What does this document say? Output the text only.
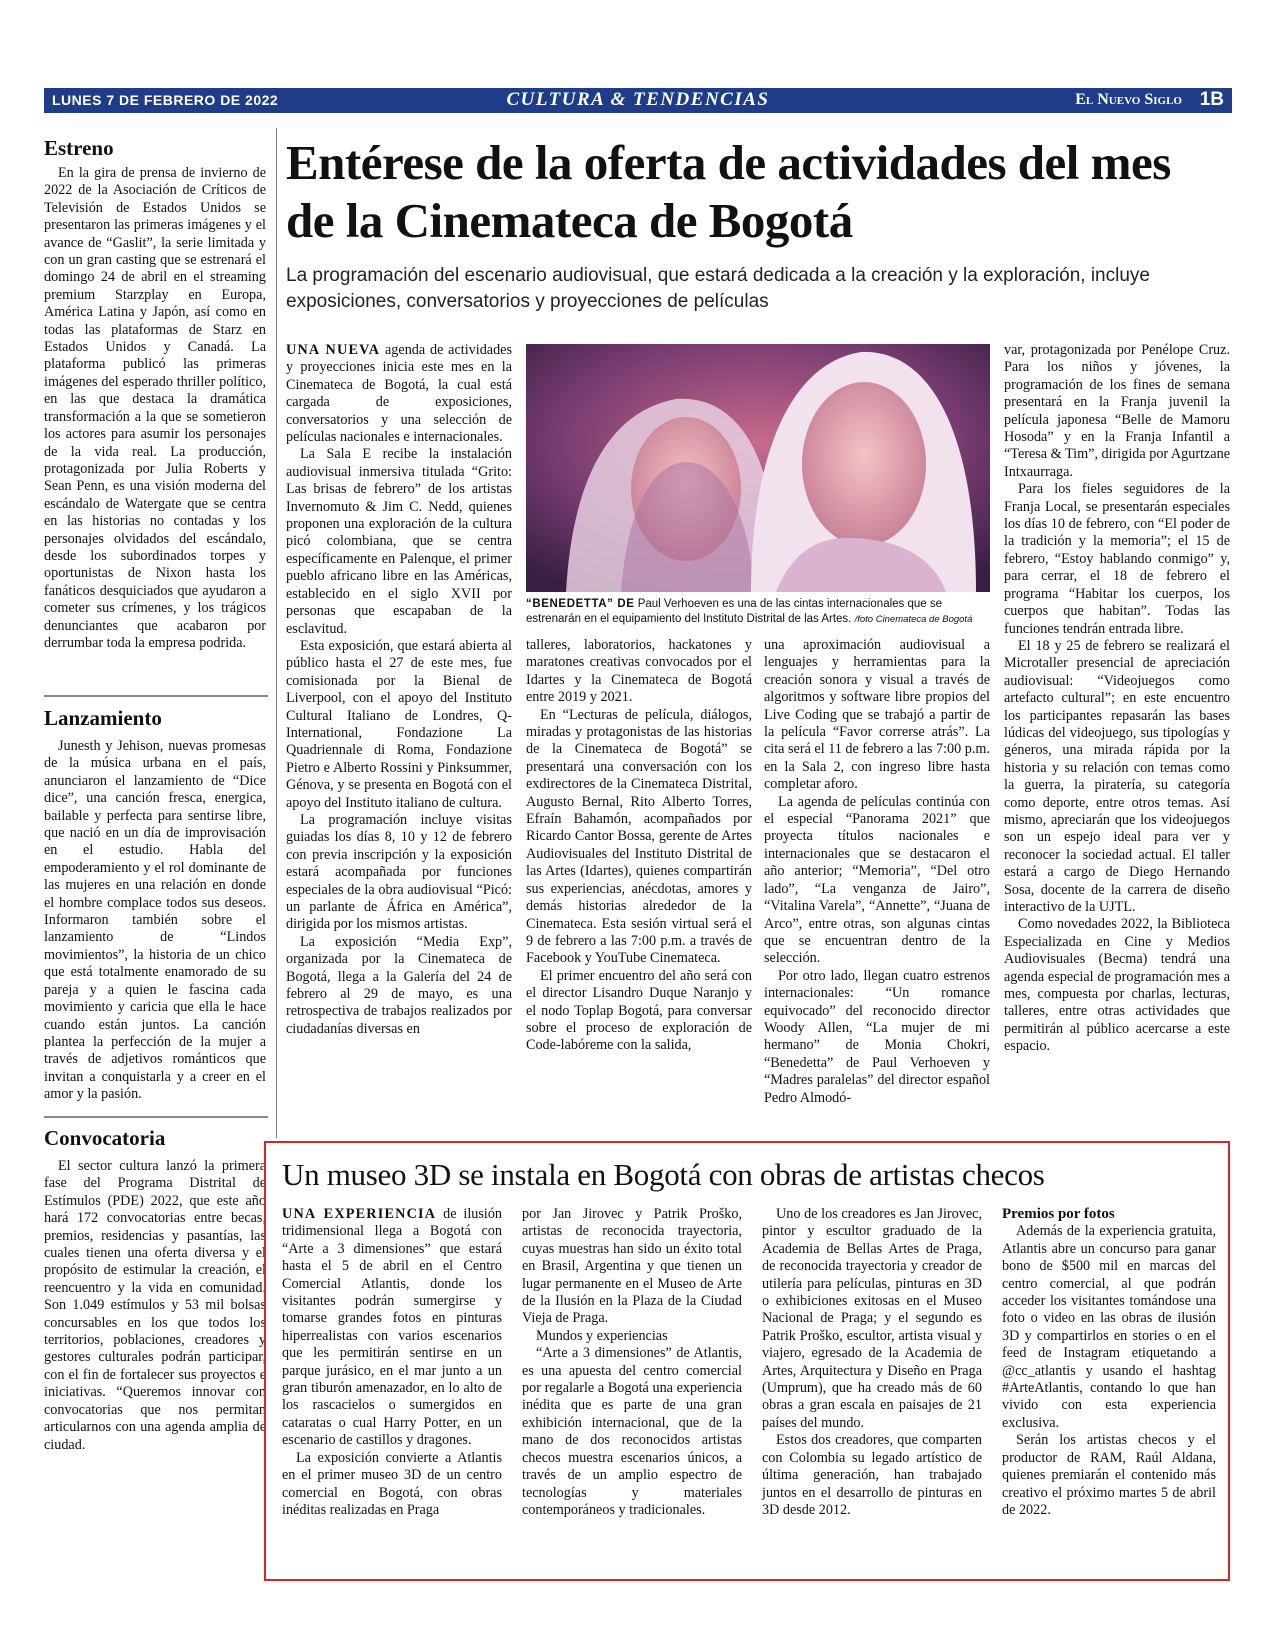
LUNES 7 DE FEBRERO DE 2022	CULTURA & TENDENCIAS	El Nuevo Siglo 1B
Estreno

En la gira de prensa de invierno de 2022 de la Asociación de Críticos de Televisión de Estados Unidos se presentaron las primeras imágenes y el avance de “Gaslit”, la serie limitada y con un gran casting que se estrenará el domingo 24 de abril en el streaming premium Starzplay en Europa, América Latina y Japón, así como en todas las plataformas de Starz en Estados Unidos y Canadá. La plataforma publicó las primeras imágenes del esperado thriller político, en las que destaca la dramática transformación a la que se sometieron los actores para asumir los personajes de la vida real. La producción, protagonizada por Julia Roberts y Sean Penn, es una visión moderna del escándalo de Watergate que se centra en las historias no contadas y los personajes olvidados del escándalo, desde los subordinados torpes y oportunistas de Nixon hasta los fanáticos desquiciados que ayudaron a cometer sus crímenes, y los trágicos denunciantes que acabaron por derrumbar toda la empresa podrida.

Lanzamiento

Junesth y Jehison, nuevas promesas de la música urbana en el país, anunciaron el lanzamiento de “Dice dice”, una canción fresca, energica, bailable y perfecta para sentirse libre, que nació en un día de improvisación en el estudio. Habla del empoderamiento y el rol dominante de las mujeres en una relación en donde el hombre complace todos sus deseos. Informaron también sobre el lanzamiento de “Lindos movimientos”, la historia de un chico que está totalmente enamorado de su pareja y a quien le fascina cada movimiento y caricia que ella le hace cuando están juntos. La canción plantea la perfección de la mujer a través de adjetivos románticos que invitan a conquistarla y a creer en el amor y la pasión.

Convocatoria

El sector cultura lanzó la primera fase del Programa Distrital de Estímulos (PDE) 2022, que este año hará 172 convocatorias entre becas, premios, residencias y pasantías, las cuales tienen una oferta diversa y el propósito de estimular la creación, el reencuentro y la vida en comunidad. Son 1.049 estímulos y 53 mil bolsas concursables en los que todos los territorios, poblaciones, creadores y gestores culturales podrán participar, con el fin de fortalecer sus proyectos e iniciativas. “Queremos innovar con convocatorias que nos permitan articularnos con una agenda amplia de ciudad.

Entérese de la oferta de actividades del mes de la Cinemateca de Bogotá
La programación del escenario audiovisual, que estará dedicada a la creación y la exploración, incluye exposiciones, conversatorios y proyecciones de películas

UNA NUEVA agenda de actividades y proyecciones inicia este mes en la Cinemateca de Bogotá, la cual está cargada de exposiciones, conversatorios y una selección de películas nacionales e internacionales.

La Sala E recibe la instalación audiovisual inmersiva titulada “Grito: Las brisas de febrero” de los artistas Invernomuto & Jim C. Nedd, quienes proponen una exploración de la cultura picó colombiana, que se centra específicamente en Palenque, el primer pueblo africano libre en las Américas, establecido en el siglo XVII por personas que escapaban de la esclavitud.

Esta exposición, que estará abierta al público hasta el 27 de este mes, fue comisionada por la Bienal de Liverpool, con el apoyo del Instituto Cultural Italiano de Londres, Q-International, Fondazione La Quadriennale di Roma, Fondazione Pietro e Alberto Rossini y Pinksummer, Génova, y se presenta en Bogotá con el apoyo del Instituto italiano de cultura.

La programación incluye visitas guiadas los días 8, 10 y 12 de febrero con previa inscripción y la exposición estará acompañada por funciones especiales de la obra audiovisual “Picó: un parlante de África en América”, dirigida por los mismos artistas.

La exposición “Media Exp”, organizada por la Cinemateca de Bogotá, llega a la Galería del 24 de febrero al 29 de mayo, es una retrospectiva de trabajos realizados por ciudadanías diversas en

“BENEDETTA” DE Paul Verhoeven es una de las cintas internacionales que se estrenarán en el equipamiento del Instituto Distrital de las Artes. /foto Cinemateca de Bogotá

talleres, laboratorios, hackatones y maratones creativas convocados por el Idartes y la Cinemateca de Bogotá entre 2019 y 2021.

En “Lecturas de película, diálogos, miradas y protagonistas de las historias de la Cinemateca de Bogotá” se presentará una conversación con los exdirectores de la Cinemateca Distrital, Augusto Bernal, Rito Alberto Torres, Efraín Bahamón, acompañados por Ricardo Cantor Bossa, gerente de Artes Audiovisuales del Instituto Distrital de las Artes (Idartes), quienes compartirán sus experiencias, anécdotas, amores y demás historias alrededor de la Cinemateca. Esta sesión virtual será el 9 de febrero a las 7:00 p.m. a través de Facebook y YouTube Cinemateca.

El primer encuentro del año será con el director Lisandro Duque Naranjo y el nodo Toplap Bogotá, para conversar sobre el proceso de exploración de Code-labóreme con la salida,

una aproximación audiovisual a lenguajes y herramientas para la creación sonora y visual a través de algoritmos y software libre propios del Live Coding que se trabajó a partir de la película “Favor correrse atrás”. La cita será el 11 de febrero a las 7:00 p.m. en la Sala 2, con ingreso libre hasta completar aforo.

La agenda de películas continúa con el especial “Panorama 2021” que proyecta títulos nacionales e internacionales que se destacaron el año anterior; “Memoria”, “Del otro lado”, “La venganza de Jairo”, “Vitalina Varela”, “Annette”, “Juana de Arco”, entre otras, son algunas cintas que se encuentran dentro de la selección.

Por otro lado, llegan cuatro estrenos internacionales: “Un romance equivocado” del reconocido director Woody Allen, “La mujer de mi hermano” de Monia Chokri, “Benedetta” de Paul Verhoeven y “Madres paralelas” del director español Pedro Almodó-

var, protagonizada por Penélope Cruz. Para los niños y jóvenes, la programación de los fines de semana presentará en la Franja juvenil la película japonesa “Belle de Mamoru Hosoda” y en la Franja Infantil a “Teresa & Tim”, dirigida por Agurtzane Intxaurraga.

Para los fieles seguidores de la Franja Local, se presentarán especiales los días 10 de febrero, con “El poder de la tradición y la memoria”; el 15 de febrero, “Estoy hablando conmigo” y, para cerrar, el 18 de febrero el programa “Habitar los cuerpos, los cuerpos que habitan”. Todas las funciones tendrán entrada libre.

El 18 y 25 de febrero se realizará el Microtaller presencial de apreciación audiovisual: “Videojuegos como artefacto cultural”; en este encuentro los participantes repasarán las bases lúdicas del videojuego, sus tipologías y géneros, una mirada rápida por la historia y su relación con temas como la guerra, la piratería, su categoría como deporte, entre otros temas. Así mismo, apreciarán que los videojuegos son un espejo ideal para ver y reconocer la sociedad actual. El taller estará a cargo de Diego Hernando Sosa, docente de la carrera de diseño interactivo de la UJTL.

Como novedades 2022, la Biblioteca Especializada en Cine y Medios Audiovisuales (Becma) tendrá una agenda especial de programación mes a mes, compuesta por charlas, lecturas, talleres, entre otras actividades que permitirán al público acercarse a este espacio.

Un museo 3D se instala en Bogotá con obras de artistas checos

UNA EXPERIENCIA de ilusión tridimensional llega a Bogotá con “Arte a 3 dimensiones” que estará hasta el 5 de abril en el Centro Comercial Atlantis, donde los visitantes podrán sumergirse y tomarse grandes fotos en pinturas hiperrealistas con varios escenarios que les permitirán sentirse en un parque jurásico, en el mar junto a un gran tiburón amenazador, en lo alto de los rascacielos o sumergidos en cataratas o cual Harry Potter, en un escenario de castillos y dragones.

La exposición convierte a Atlantis en el primer museo 3D de un centro comercial en Bogotá, con obras inéditas realizadas en Praga

por Jan Jirovec y Patrik Proško, artistas de reconocida trayectoria, cuyas muestras han sido un éxito total en Brasil, Argentina y que tienen un lugar permanente en el Museo de Arte de la Ilusión en la Plaza de la Ciudad Vieja de Praga.

Mundos y experiencias

“Arte a 3 dimensiones” de Atlantis, es una apuesta del centro comercial por regalarle a Bogotá una experiencia inédita que es parte de una gran exhibición internacional, que de la mano de dos reconocidos artistas checos muestra escenarios únicos, a través de un amplio espectro de tecnologías y materiales contemporáneos y tradicionales.

Uno de los creadores es Jan Jirovec, pintor y escultor graduado de la Academia de Bellas Artes de Praga, de reconocida trayectoria y creador de utilería para películas, pinturas en 3D o exhibiciones exitosas en el Museo Nacional de Praga; y el segundo es Patrik Proško, escultor, artista visual y viajero, egresado de la Academia de Artes, Arquitectura y Diseño en Praga (Umprum), que ha creado más de 60 obras a gran escala en paisajes de 21 países del mundo.

Estos dos creadores, que comparten con Colombia su legado artístico de última generación, han trabajado juntos en el desarrollo de pinturas en 3D desde 2012.

Premios por fotos

Además de la experiencia gratuita, Atlantis abre un concurso para ganar bono de $500 mil en marcas del centro comercial, al que podrán acceder los visitantes tomándose una foto o video en las obras de ilusión 3D y compartirlos en stories o en el feed de Instagram etiquetando a @cc_atlantis y usando el hashtag #ArteAtlantis, contando lo que han vivido con esta experiencia exclusiva.

Serán los artistas checos y el productor de RAM, Raúl Aldana, quienes premiarán el contenido más creativo el próximo martes 5 de abril de 2022.
